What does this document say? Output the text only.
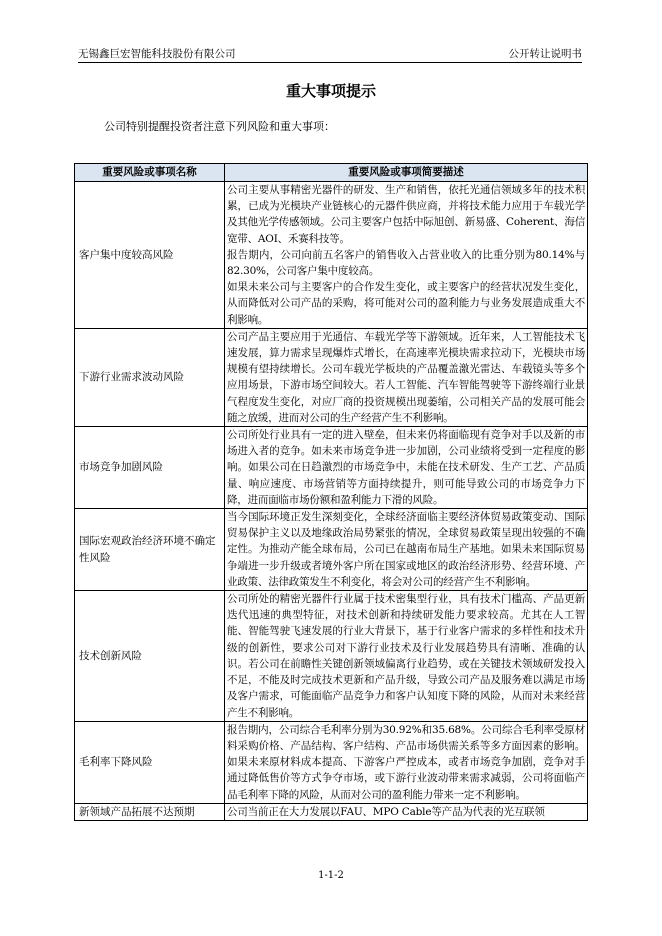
无锡鑫巨宏智能科技股份有限公司	公开转让说明书
重大事项提示
公司特别提醒投资者注意下列风险和重大事项：
重要风险或事项名称	重要风险或事项简要描述
客户集中度较高风险	公司主要从事精密光器件的研发、生产和销售，依托光通信领域多年的技术积累，已成为光模块产业链核心的元器件供应商，并将技术能力应用于车载光学及其他光学传感领域。公司主要客户包括中际旭创、新易盛、Coherent、海信宽带、AOI、禾赛科技等。

报告期内，公司向前五名客户的销售收入占营业收入的比重分别为80.14%与82.30%，公司客户集中度较高。

如果未来公司与主要客户的合作发生变化，或主要客户的经营状况发生变化，从而降低对公司产品的采购，将可能对公司的盈利能力与业务发展造成重大不利影响。

下游行业需求波动风险	公司产品主要应用于光通信、车载光学等下游领域。近年来，人工智能技术飞速发展，算力需求呈现爆炸式增长，在高速率光模块需求拉动下，光模块市场规模有望持续增长。公司车载光学板块的产品覆盖激光雷达、车载镜头等多个应用场景，下游市场空间较大。若人工智能、汽车智能驾驶等下游终端行业景气程度发生变化，对应厂商的投资规模出现萎缩，公司相关产品的发展可能会随之放缓，进而对公司的生产经营产生不利影响。

市场竞争加剧风险	公司所处行业具有一定的进入壁垒，但未来仍将面临现有竞争对手以及新的市场进入者的竞争。如未来市场竞争进一步加剧，公司业绩将受到一定程度的影响。如果公司在日趋激烈的市场竞争中，未能在技术研发、生产工艺、产品质量、响应速度、市场营销等方面持续提升，则可能导致公司的市场竞争力下降，进而面临市场份额和盈利能力下滑的风险。

国际宏观政治经济环境不确定性风险	当今国际环境正发生深刻变化，全球经济面临主要经济体贸易政策变动、国际贸易保护主义以及地缘政治局势紧张的情况，全球贸易政策呈现出较强的不确定性。为推动产能全球布局，公司已在越南布局生产基地。如果未来国际贸易争端进一步升级或者境外客户所在国家或地区的政治经济形势、经营环境、产业政策、法律政策发生不利变化，将会对公司的经营产生不利影响。

技术创新风险	公司所处的精密光器件行业属于技术密集型行业，具有技术门槛高、产品更新迭代迅速的典型特征，对技术创新和持续研发能力要求较高。尤其在人工智能、智能驾驶飞速发展的行业大背景下，基于行业客户需求的多样性和技术升级的创新性，要求公司对下游行业技术及行业发展趋势具有清晰、准确的认识。若公司在前瞻性关键创新领域偏离行业趋势，或在关键技术领域研发投入不足，不能及时完成技术更新和产品升级，导致公司产品及服务难以满足市场及客户需求，可能面临产品竞争力和客户认知度下降的风险，从而对未来经营产生不利影响。

毛利率下降风险	报告期内，公司综合毛利率分别为30.92%和35.68%。公司综合毛利率受原材料采购价格、产品结构、客户结构、产品市场供需关系等多方面因素的影响。如果未来原材料成本提高、下游客户严控成本，或者市场竞争加剧，竞争对手通过降低售价等方式争夺市场，或下游行业波动带来需求减弱，公司将面临产品毛利率下降的风险，从而对公司的盈利能力带来一定不利影响。

新领域产品拓展不达预期	公司当前正在大力发展以FAU、MPO Cable等产品为代表的光互联领
1-1-2
